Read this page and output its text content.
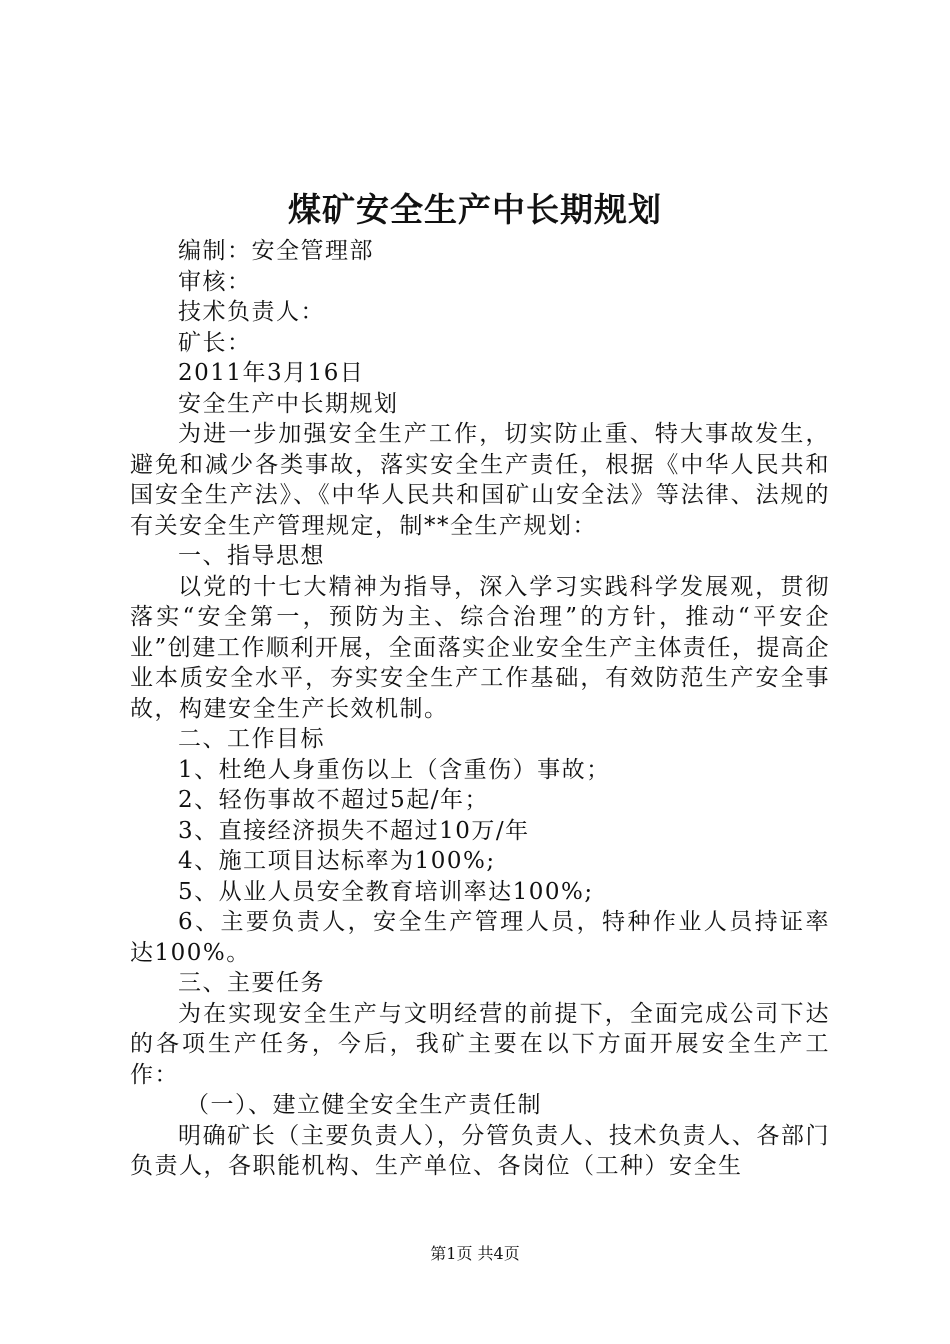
煤矿安全生产中长期规划
编制：安全管理部
审核：
技术负责人：
矿长：
2011年3月16日
安全生产中长期规划
为进一步加强安全生产工作，切实防止重、特大事故发生，避免和减少各类事故，落实安全生产责任，根据《中华人民共和国安全生产法》、《中华人民共和国矿山安全法》等法律、法规的有关安全生产管理规定，制**全生产规划：
一、指导思想
以党的十七大精神为指导，深入学习实践科学发展观，贯彻落实“安全第一，预防为主、综合治理”的方针，推动“平安企业”创建工作顺利开展，全面落实企业安全生产主体责任，提高企业本质安全水平，夯实安全生产工作基础，有效防范生产安全事故，构建安全生产长效机制。
二、工作目标
1、杜绝人身重伤以上（含重伤）事故；
2、轻伤事故不超过5起/年；
3、直接经济损失不超过10万/年
4、施工项目达标率为100%;
5、从业人员安全教育培训率达100%;
6、主要负责人，安全生产管理人员，特种作业人员持证率达100%。
三、主要任务
为在实现安全生产与文明经营的前提下，全面完成公司下达的各项生产任务，今后，我矿主要在以下方面开展安全生产工作：
（一）、建立健全安全生产责任制
明确矿长（主要负责人），分管负责人、技术负责人、各部门负责人，各职能机构、生产单位、各岗位（工种）安全生
第1页 共4页
